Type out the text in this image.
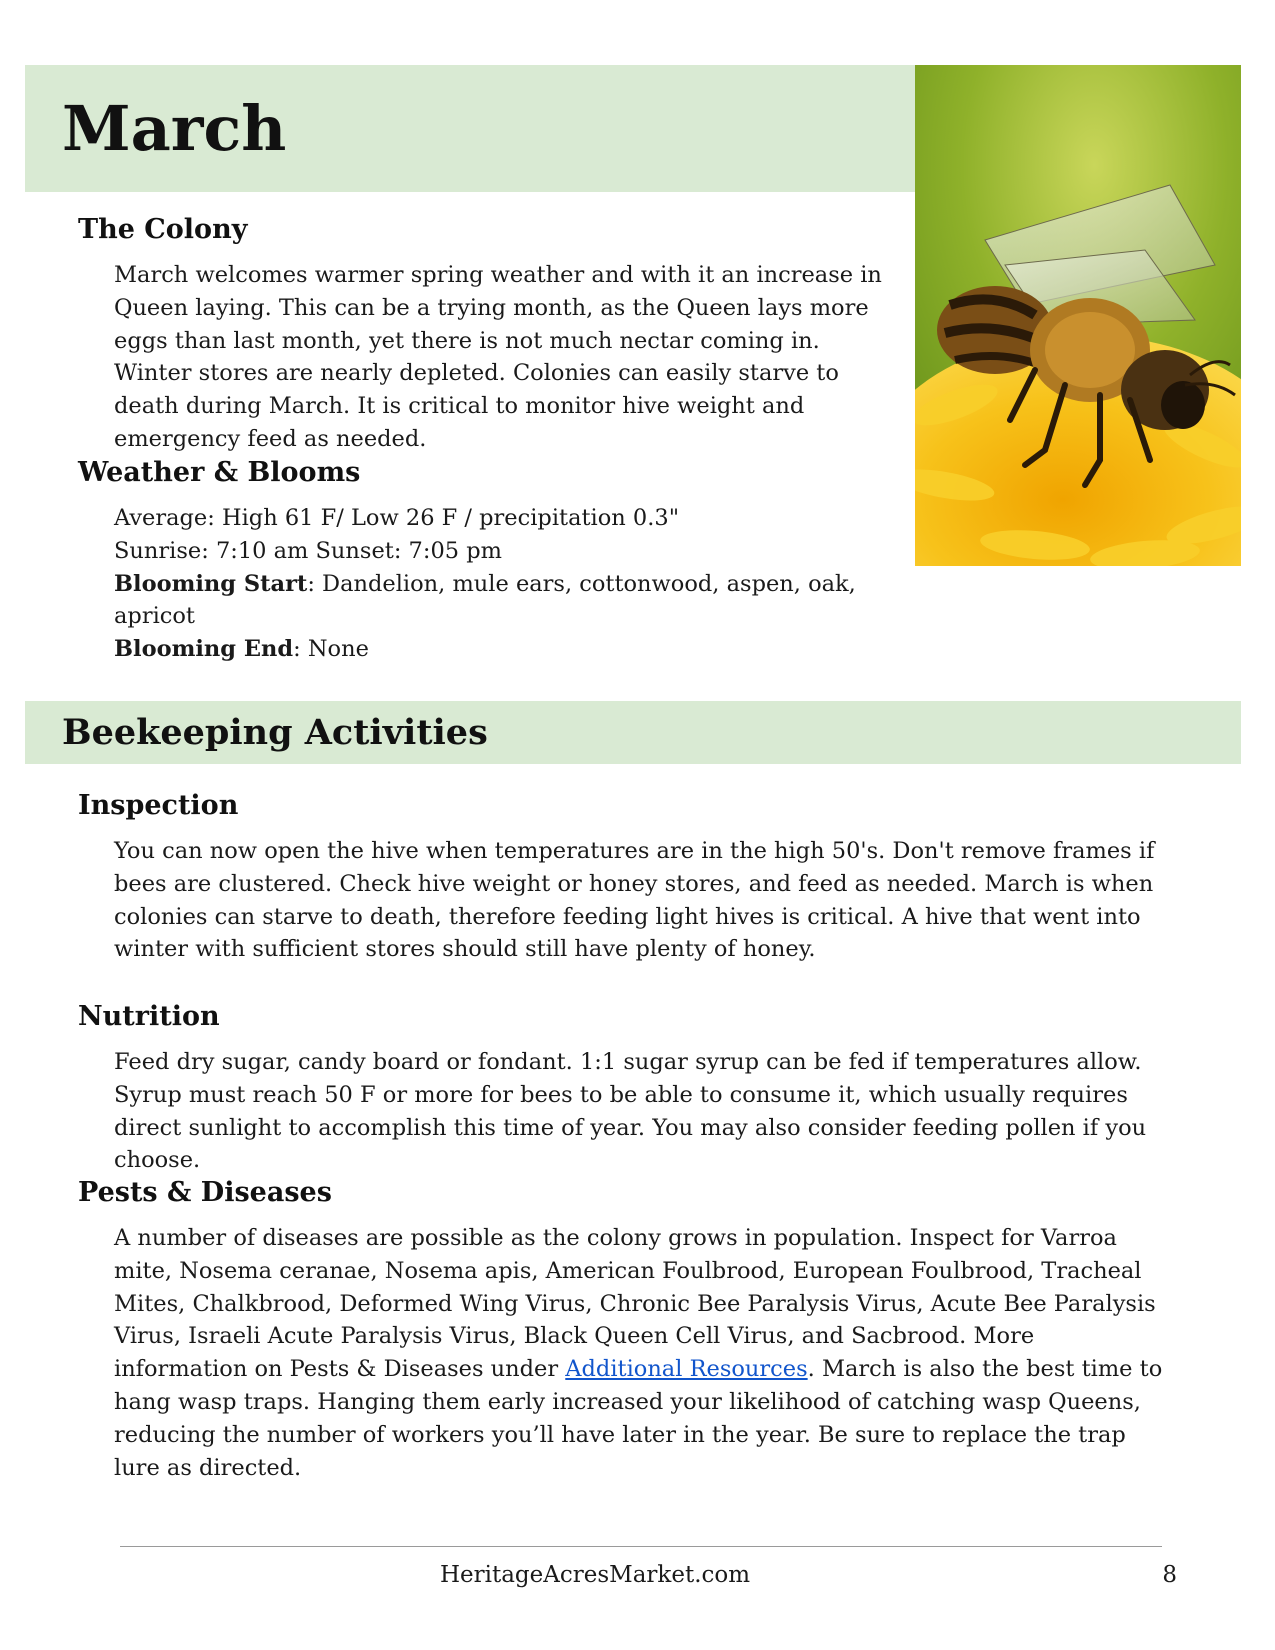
March
The Colony

March welcomes warmer spring weather and with it an increase in Queen laying. This can be a trying month, as the Queen lays more eggs than last month, yet there is not much nectar coming in. Winter stores are nearly depleted. Colonies can easily starve to death during March. It is critical to monitor hive weight and emergency feed as needed.

Weather & Blooms
Average: High 61 F/ Low 26 F / precipitation 0.3"
Sunrise: 7:10 am Sunset: 7:05 pm
Blooming Start: Dandelion, mule ears, cottonwood, aspen, oak, apricot
Blooming End: None
Beekeeping Activities
Inspection

You can now open the hive when temperatures are in the high 50's. Don't remove frames if bees are clustered. Check hive weight or honey stores, and feed as needed. March is when colonies can starve to death, therefore feeding light hives is critical. A hive that went into winter with sufficient stores should still have plenty of honey.

Nutrition

Feed dry sugar, candy board or fondant. 1:1 sugar syrup can be fed if temperatures allow. Syrup must reach 50 F or more for bees to be able to consume it, which usually requires direct sunlight to accomplish this time of year. You may also consider feeding pollen if you choose.

Pests & Diseases

A number of diseases are possible as the colony grows in population. Inspect for Varroa mite, Nosema ceranae, Nosema apis, American Foulbrood, European Foulbrood, Tracheal Mites, Chalkbrood, Deformed Wing Virus, Chronic Bee Paralysis Virus, Acute Bee Paralysis Virus, Israeli Acute Paralysis Virus, Black Queen Cell Virus, and Sacbrood. More information on Pests & Diseases under Additional Resources. March is also the best time to hang wasp traps. Hanging them early increased your likelihood of catching wasp Queens, reducing the number of workers you’ll have later in the year. Be sure to replace the trap lure as directed.

HeritageAcresMarket.com	8
